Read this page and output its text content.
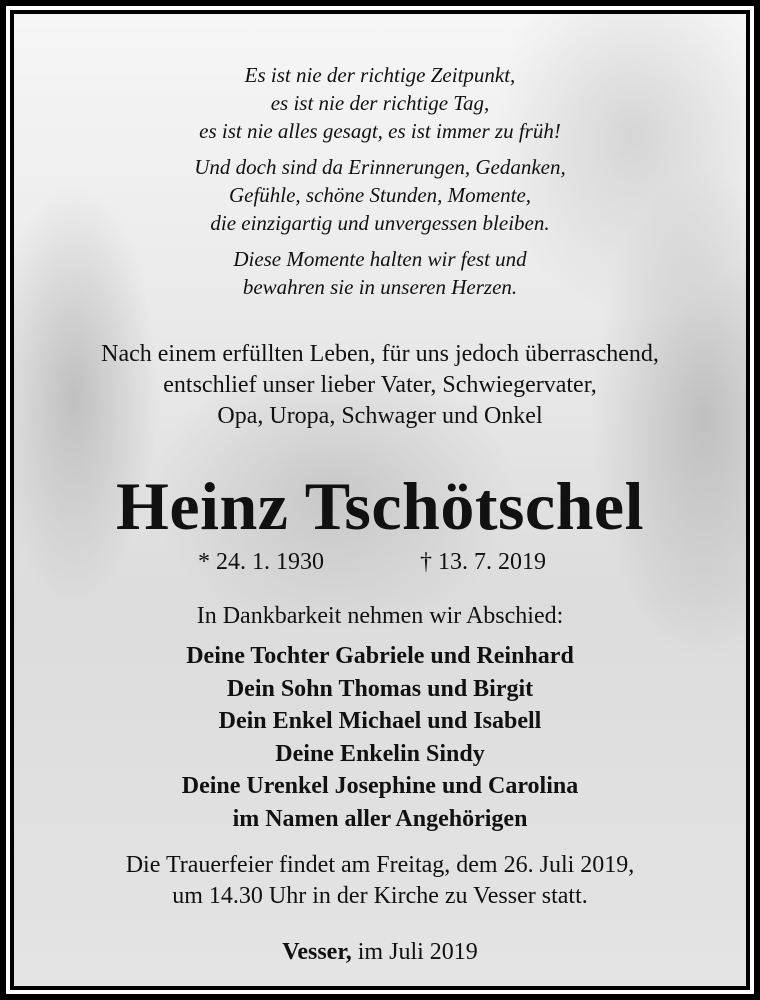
Es ist nie der richtige Zeitpunkt,
es ist nie der richtige Tag,
es ist nie alles gesagt, es ist immer zu früh!
Und doch sind da Erinnerungen, Gedanken,
Gefühle, schöne Stunden, Momente,
die einzigartig und unvergessen bleiben.
Diese Momente halten wir fest und
bewahren sie in unseren Herzen.
Nach einem erfüllten Leben, für uns jedoch überraschend,
entschlief unser lieber Vater, Schwiegervater,
Opa, Uropa, Schwager und Onkel
Heinz Tschötschel
* 24. 1. 1930	† 13. 7. 2019
In Dankbarkeit nehmen wir Abschied:
Deine Tochter Gabriele und Reinhard
Dein Sohn Thomas und Birgit
Dein Enkel Michael und Isabell
Deine Enkelin Sindy
Deine Urenkel Josephine und Carolina
im Namen aller Angehörigen
Die Trauerfeier findet am Freitag, dem 26. Juli 2019,
um 14.30 Uhr in der Kirche zu Vesser statt.
Vesser, im Juli 2019
